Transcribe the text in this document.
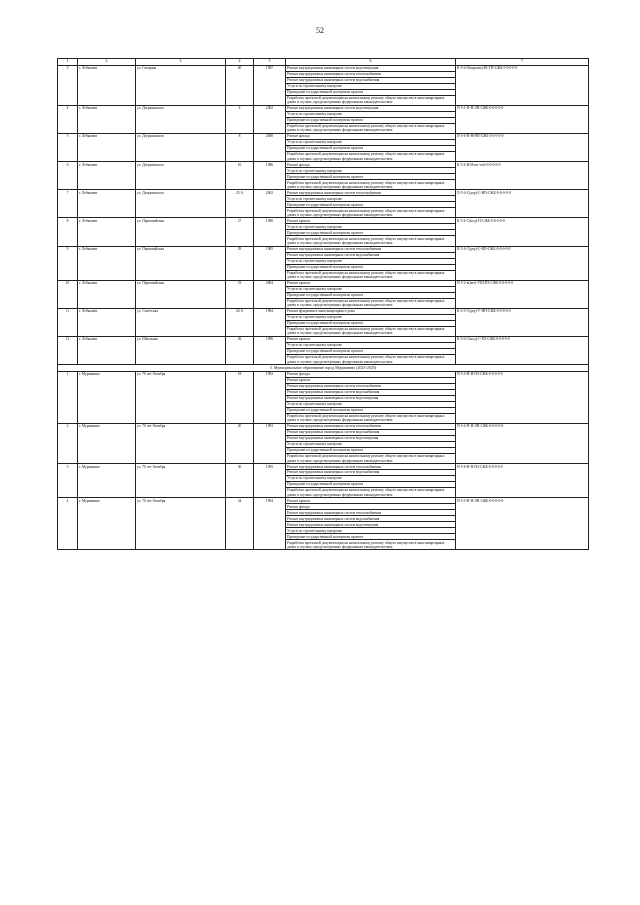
52
1	2	3	4	5	6	7
5	г. Лебяжиеи	ул. Гагарина	40	1987	Ремонт внутридомовых инженерных систем водоотведения	К-5-6-О(кирпич)-Ш-ТП-СЖБ-0-0-0-0-0
					Ремонт внутридомовых инженерных систем теплоснабжения	
					Ремонт внутридомовых инженерных систем водоснабжения	
					Услуги по строительному контролю	
					Проведение государственной экспертизы проекта	
					Разработка проектной документации на капитальному ремонту общего имущества в многоквартирных домах в случаях, предусмотренных федеральным законодательством	
4	г. Лебяжиеи	ул. Дзержинского	4	2002	Ремонт внутридомовых инженерных систем водоотведения	П-5-1-П-Н-ЛП-СЖБ-0-0-0-0-0
					Услуги по строительному контролю	
					Проведение государственной экспертизы проекта	
					Разработка проектной документации на капитальному ремонту общего имущества в многоквартирных домах в случаях, предусмотренных федеральным законодательством	
5	г. Лебяжиеи	ул. Дзержинского	8	2000	Ремонт фасада	П-5-6-П-Н-НП-СЖБ-0-0-0-0-0
					Услуги по строительному контролю	
					Проведение государственной экспертизы проекта	
					Разработка проектной документации на капитальному ремонту общего имущества в многоквартирных домах в случаях, предусмотренных федеральным законодательством	
6	г. Лебяжиеи	ул. Дзержинского	10	1986	Ремонт фасада	К-5-4-Н-Н-шт-смб-0-0-0-0-0
					Услуги по строительному контролю	
					Проведение государственной экспертизы проекта	
					Разработка проектной документации на капитальному ремонту общего имущества в многоквартирных домах в случаях, предусмотренных федеральным законодательством	
7	г. Лебяжиеи	ул. Дзержинского	25 А	2002	Ремонт внутридомовых инженерных систем теплоснабжения	П-5-4-С(дер)-С-НП-СЖБ-0-0-0-0-0
					Услуги по строительному контролю	
					Проведение государственной экспертизы проекта	
					Разработка проектной документации на капитальному ремонту общего имущества в многоквартирных домах в случаях, предусмотренных федеральным законодательством	
8	г. Лебяжиеи	ул. Первомайская	27	1980	Ремонт кровли	К-5-4-С(мсд)-П-СЖБ-0-0-0-0-0
					Услуги по строительному контролю	
					Проведение государственной экспертизы проекта	
					Разработка проектной документации на капитальному ремонту общего имущества в многоквартирных домах в случаях, предусмотренных федеральным законодательством	
9	г. Лебяжиеи	ул. Первомайская	29	1985	Ремонт внутридомовых инженерных систем теплоснабжения	К-5-4-С(дер)-С-НП-СЖБ-0-0-0-0-0
					Ремонт внутридомовых инженерных систем водоснабжения	
					Услуги по строительному контролю	
					Проведение государственной экспертизы проекта	
					Разработка проектной документации на капитальному ремонту общего имущества в многоквартирных домах в случаях, предусмотренных федеральным законодательством	
10	г. Лебяжиеи	ул. Первомайская	53	2004	Ремонт кровли	П-5-2-к(мет)-УШ-ПЗ-СЖБ-0-0-0-0-0
					Услуги по строительному контролю	
					Проведение государственной экспертизы проекта	
					Разработка проектной документации на капитальному ремонту общего имущества в многоквартирных домах в случаях, предусмотренных федеральным законодательством	
11	г. Лебяжиеи	ул. Советская	24 А	1984	Ремонт фундамента многоквартирного дома	К-2-3-С(дер)-У-НП-СЖБ-0-0-0-0-0
					Услуги по строительному контролю	
					Проведение государственной экспертизы проекта	
					Разработка проектной документации на капитальному ремонту общего имущества в многоквартирных домах в случаях, предусмотренных федеральным законодательством	
12	г. Лебяжиеи	ул. Школьная	26	1996	Ремонт кровли	К-5-6-С(мсд)-С-ПЗ-СЖБ-0-0-0-0-0
					Услуги по строительному контролю	
					Проведение государственной экспертизы проекта	
					Разработка проектной документации на капитальному ремонту общего имущества в многоквартирных домах в случаях, предусмотренных федеральным законодательством	
5. Муниципальное образование город Мурманино (2023-2025)						
1	г. Мурманино	ул. 70 лет Октября	18	1992	Ремонт фасада	П-5-4-Н-Н-ПЗ-СЖБ-0-0-0-0-0
					Ремонт кровли	
					Ремонт внутридомовых инженерных систем теплоснабжения	
					Ремонт внутридомовых инженерных систем водоснабжения	
					Ремонт внутридомовых инженерных систем водоотведения	
					Услуги по строительному контролю	
					Проведение государственной экспертизы проекта	
					Разработка проектной документации на капитальному ремонту общего имущества в многоквартирных домах в случаях, предусмотренных федеральным законодательством	
2	г. Мурманино	ул. 70 лет Октября	20	1993	Ремонт внутридомовых инженерных систем теплоснабжения	П-5-4-П-Н-ЛП-СЖБ-0-0-0-0-0
					Ремонт внутридомовых инженерных систем водоснабжения	
					Ремонт внутридомовых инженерных систем водоотведения	
					Услуги по строительному контролю	
					Проведение государственной экспертизы проекта	
					Разработка проектной документации на капитальному ремонту общего имущества в многоквартирных домах в случаях, предусмотренных федеральным законодательством	
3	г. Мурманино	ул. 70 лет Октября	30	1995	Ремонт внутридомовых инженерных систем теплоснабжения	П-5-6-Н-Н-ПЗ-СЖБ-0-0-0-0-0
					Ремонт внутридомовых инженерных систем водоснабжения	
					Услуги по строительному контролю	
					Проведение государственной экспертизы проекта	
					Разработка проектной документации на капитальному ремонту общего имущества в многоквартирных домах в случаях, предусмотренных федеральным законодательством	
4	г. Мурманино	ул. 70 лет Октября	34	1994	Ремонт кровли	П-5-5-Н-Н-ЛП-СЖБ-0-0-0-0-0
					Ремонт фасада	
					Ремонт внутридомовых инженерных систем теплоснабжения	
					Ремонт внутридомовых инженерных систем водоснабжения	
					Ремонт внутридомовых инженерных систем водоотведения	
					Услуги по строительному контролю	
					Проведение государственной экспертизы проекта	
					Разработка проектной документации на капитальному ремонту общего имущества в многоквартирных домах в случаях, предусмотренных федеральным законодательством	
